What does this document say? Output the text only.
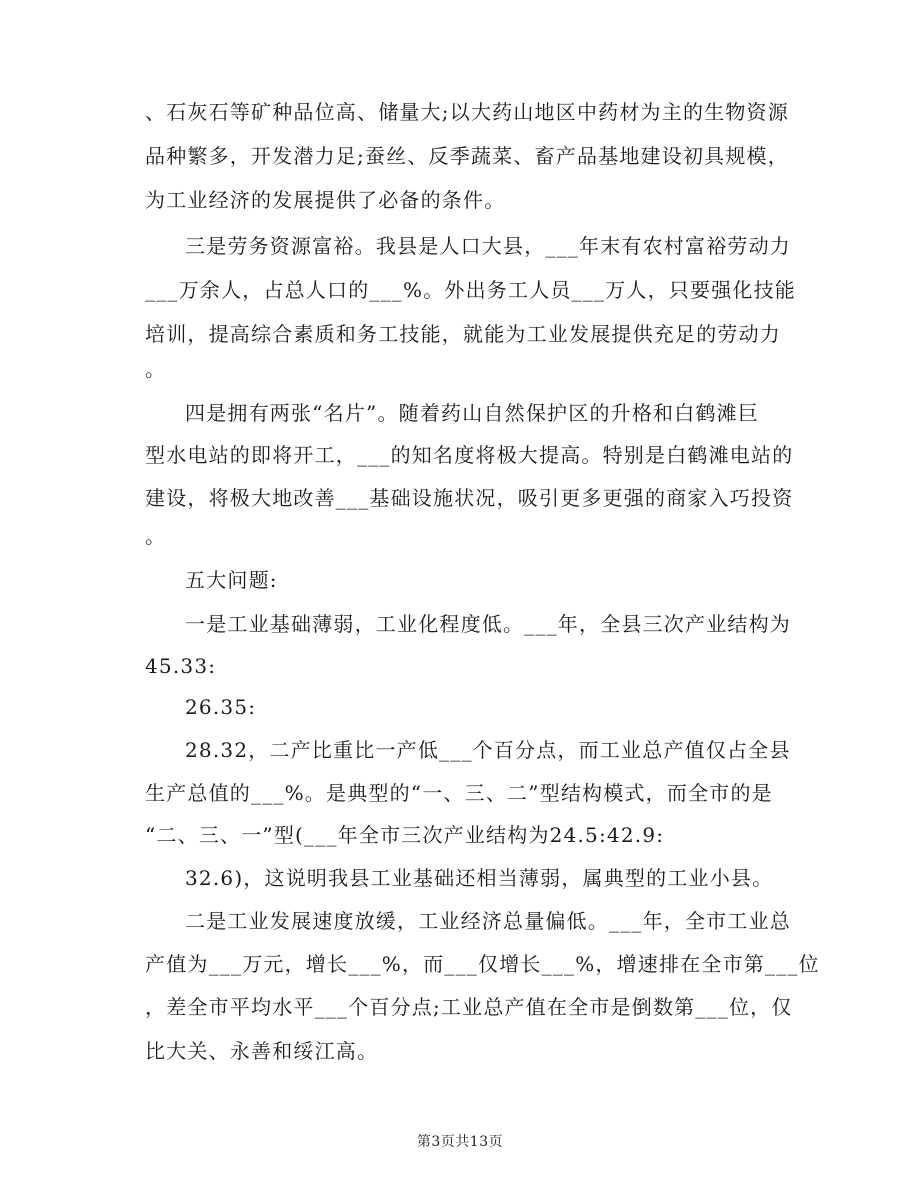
、石灰石等矿种品位高、储量大;以大药山地区中药材为主的生物资源
品种繁多，开发潜力足;蚕丝、反季蔬菜、畜产品基地建设初具规模，
为工业经济的发展提供了必备的条件。
三是劳务资源富裕。我县是人口大县，___年末有农村富裕劳动力
___万余人，占总人口的___%。外出务工人员___万人，只要强化技能
培训，提高综合素质和务工技能，就能为工业发展提供充足的劳动力
。
四是拥有两张“名片”。随着药山自然保护区的升格和白鹤滩巨
型水电站的即将开工，___的知名度将极大提高。特别是白鹤滩电站的
建设，将极大地改善___基础设施状况，吸引更多更强的商家入巧投资
。
五大问题:
一是工业基础薄弱，工业化程度低。___年，全县三次产业结构为
45.33:
26.35:
28.32，二产比重比一产低___个百分点，而工业总产值仅占全县
生产总值的___%。是典型的“一、三、二”型结构模式，而全市的是
“二、三、一”型(___年全市三次产业结构为24.5:42.9:
32.6)，这说明我县工业基础还相当薄弱，属典型的工业小县。
二是工业发展速度放缓，工业经济总量偏低。___年，全市工业总
产值为___万元，增长___%，而___仅增长___%，增速排在全市第___位
，差全市平均水平___个百分点;工业总产值在全市是倒数第___位，仅
比大关、永善和绥江高。
第3页共13页
